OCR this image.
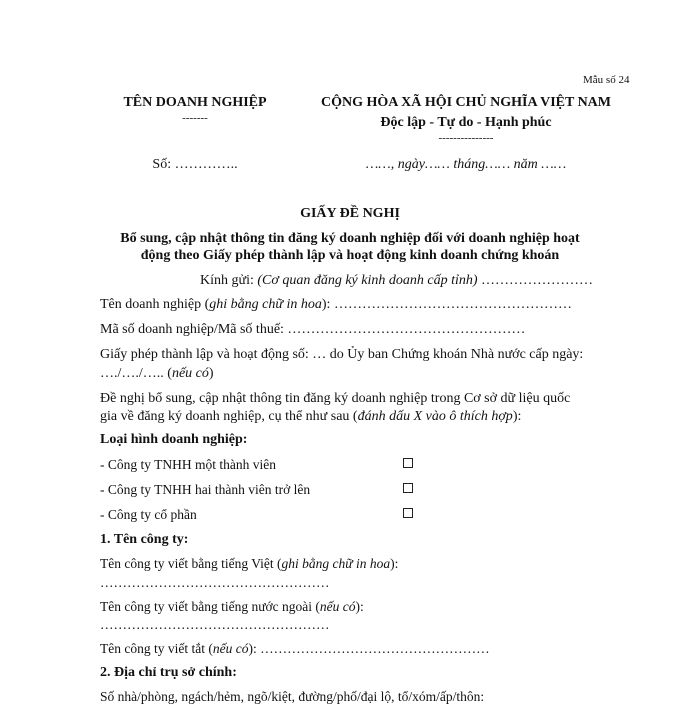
Mẫu số 24
TÊN DOANH NGHIỆP
-------
CỘNG HÒA XÃ HỘI CHỦ NGHĨA VIỆT NAM
Độc lập - Tự do - Hạnh phúc
---------------
Số: …………..	……, ngày…… tháng…… năm ……
GIẤY ĐỀ NGHỊ
Bổ sung, cập nhật thông tin đăng ký doanh nghiệp đối với doanh nghiệp hoạt
động theo Giấy phép thành lập và hoạt động kinh doanh chứng khoán
Kính gửi: (Cơ quan đăng ký kinh doanh cấp tỉnh) ……………………
Tên doanh nghiệp (ghi bằng chữ in hoa): ……………………………………………
Mã số doanh nghiệp/Mã số thuế: ……………………………………………
Giấy phép thành lập và hoạt động số: … do Ủy ban Chứng khoán Nhà nước cấp ngày:
…./…./….. (nếu có)
Đề nghị bổ sung, cập nhật thông tin đăng ký doanh nghiệp trong Cơ sở dữ liệu quốc
gia về đăng ký doanh nghiệp, cụ thể như sau (đánh dấu X vào ô thích hợp):
Loại hình doanh nghiệp:
- Công ty TNHH một thành viên
- Công ty TNHH hai thành viên trở lên
- Công ty cổ phần
1. Tên công ty:
Tên công ty viết bằng tiếng Việt (ghi bằng chữ in hoa):
……………………………………………
Tên công ty viết bằng tiếng nước ngoài (nếu có):
……………………………………………
Tên công ty viết tắt (nếu có): ……………………………………………
2. Địa chỉ trụ sở chính:
Số nhà/phòng, ngách/hẻm, ngõ/kiệt, đường/phố/đại lộ, tổ/xóm/ấp/thôn:
